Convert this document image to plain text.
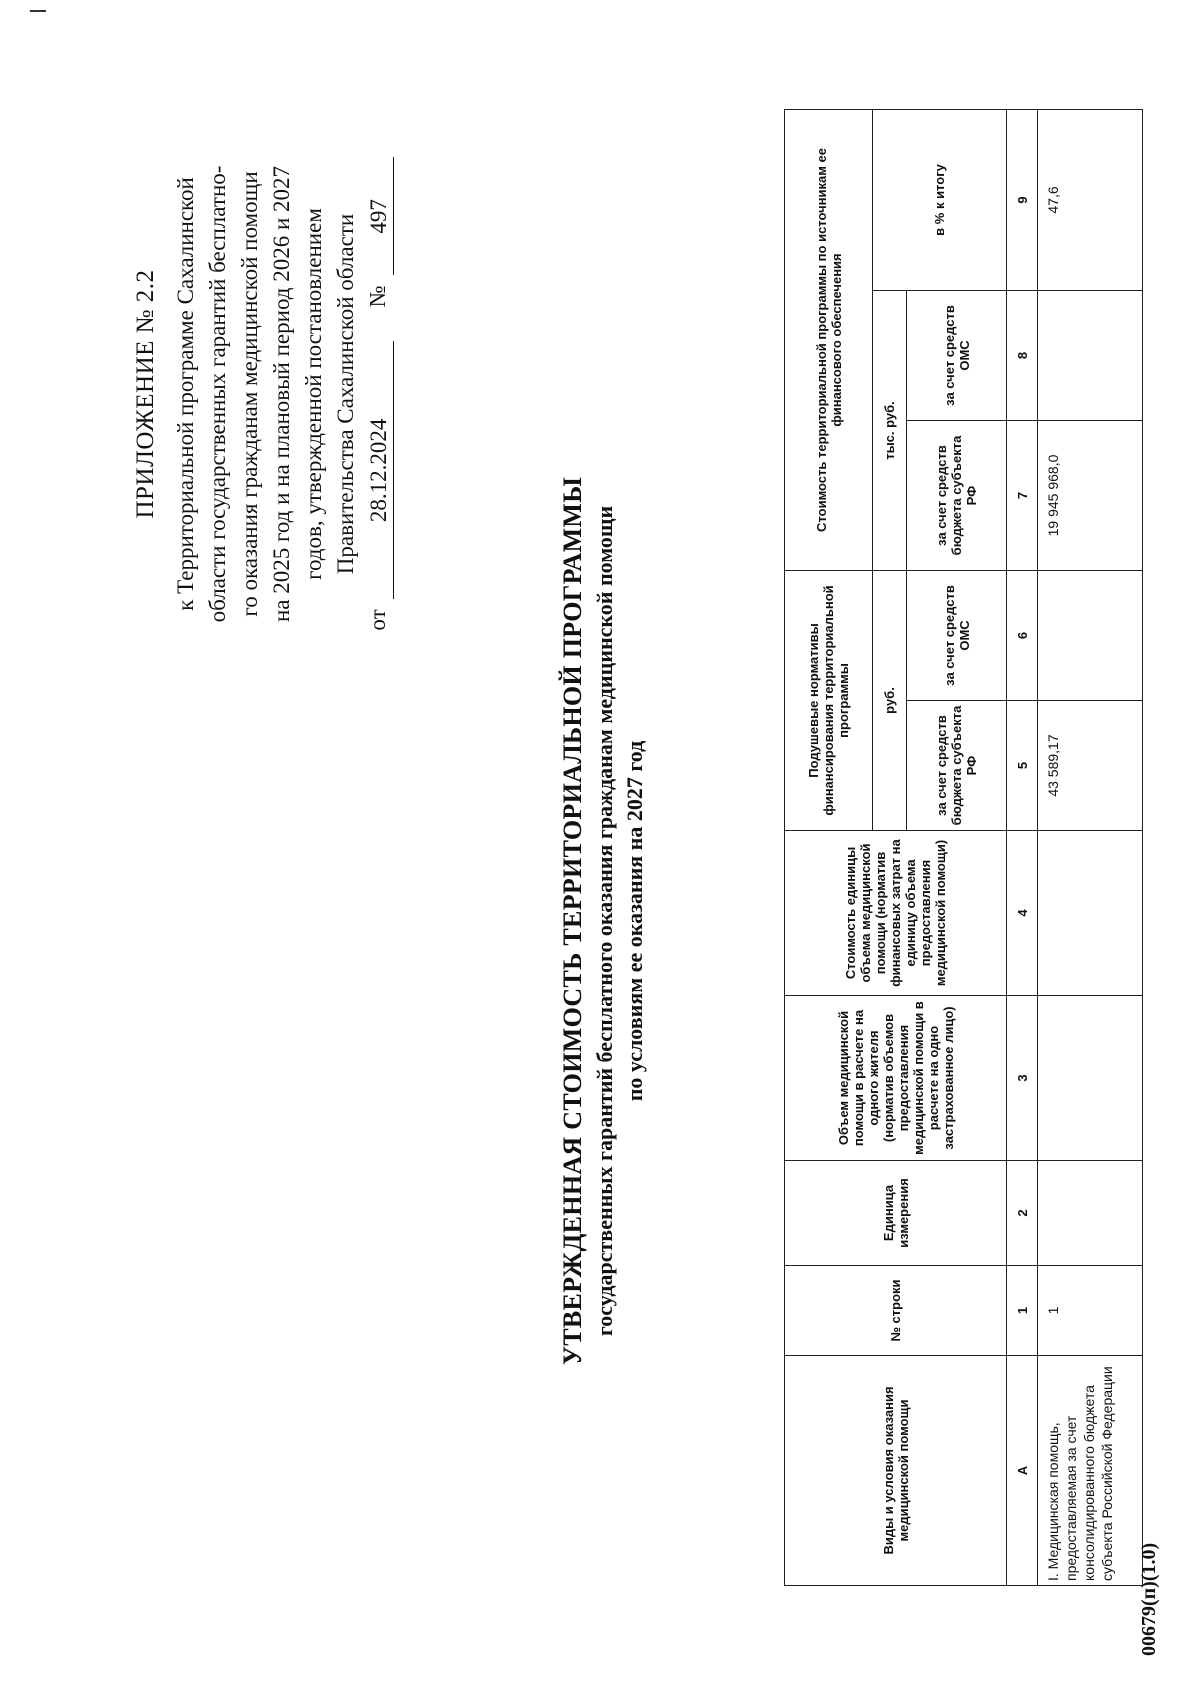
ПРИЛОЖЕНИЕ № 2.2 к Территориальной программе Сахалинской области государственных гарантий бесплатно- го оказания гражданам медицинской помощи на 2025 год и на плановый период 2026 и 2027 годов, утвержденной постановлением Правительства Сахалинской области
от
28.12.2024
№
497
УТВЕРЖДЕННАЯ СТОИМОСТЬ ТЕРРИТОРИАЛЬНОЙ ПРОГРАММЫ государственных гарантий бесплатного оказания гражданам медицинской помощи по условиям ее оказания на 2027 год
Виды и условия оказания медицинской помощи	№ строки	Единица измерения	Объем медицинской помощи в расчете на одного жителя (норматив объемов предоставления медицинской помощи в расчете на одно застрахованное лицо)	Стоимость единицы объема медицинской помощи (норматив финансовых затрат на единицу объема предоставления медицинской помощи)	Подушевые нормативы финансирования территориальной программы		Стоимость территориальной программы по источникам ее финансового обеспечения		
					руб.		тыс. руб.		в % к итогу
					за счет средств бюджета субъекта РФ	за счет средств ОМС	за счет средств бюджета субъекта РФ	за счет средств ОМС	
А	1	2	3	4	5	6	7	8	9
I. Медицинская помощь, предоставляемая за счет консолидированного бюджета субъекта Российской Федерации	1				43 589,17		19 945 968,0		47,6
00679(п)(1.0)
